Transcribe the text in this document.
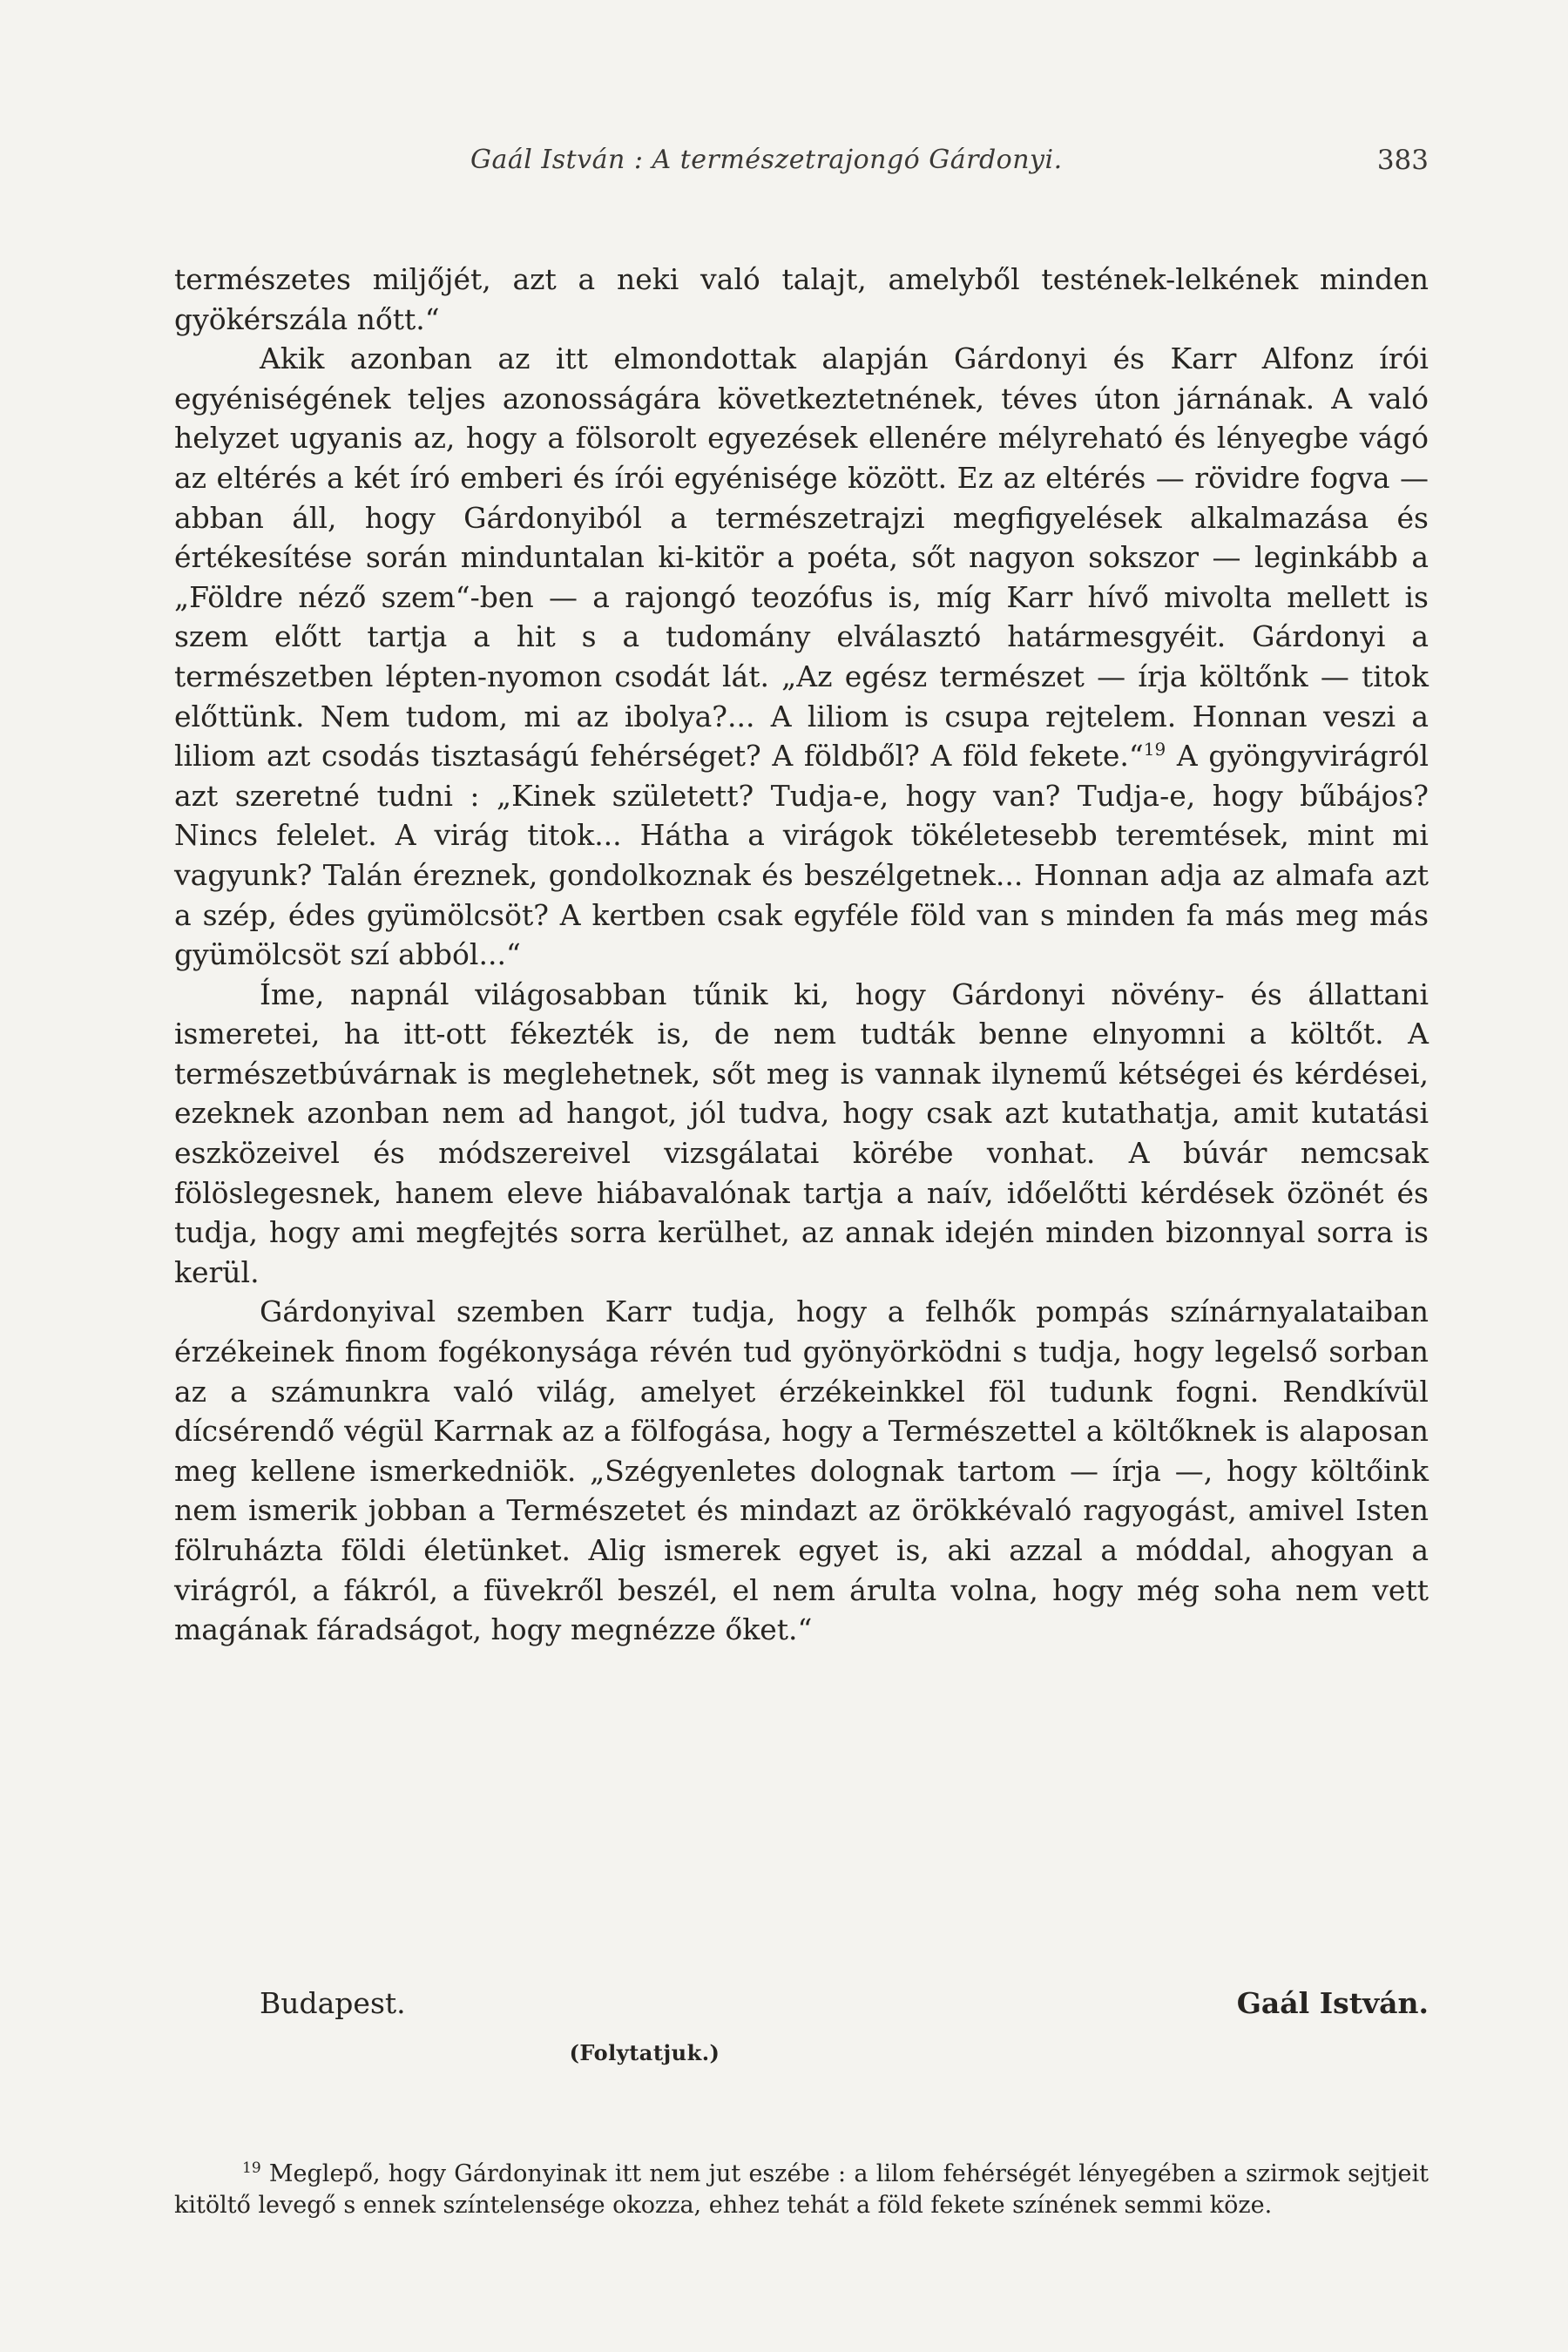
Gaál István : A természetrajongó Gárdonyi.	383

természetes miljőjét, azt a neki való talajt, amelyből testének-lelkének minden gyökérszála nőtt.“

Akik azonban az itt elmondottak alapján Gárdonyi és Karr Alfonz írói egyéniségének teljes azonosságára következtetnének, téves úton járnának. A való helyzet ugyanis az, hogy a fölsorolt egyezések ellenére mélyreható és lényegbe vágó az eltérés a két író emberi és írói egyénisége között. Ez az eltérés — rövidre fogva — abban áll, hogy Gárdonyiból a természetrajzi megfigyelések alkalmazása és értékesítése során minduntalan ki-kitör a poéta, sőt nagyon sokszor — leginkább a „Földre néző szem“-ben — a rajongó teozófus is, míg Karr hívő mivolta mellett is szem előtt tartja a hit s a tudomány elválasztó határmesgyéit. Gárdonyi a természetben lépten-nyomon csodát lát. „Az egész természet — írja költőnk — titok előttünk. Nem tudom, mi az ibolya?... A liliom is csupa rejtelem. Honnan veszi a liliom azt csodás tisztaságú fehérséget? A földből? A föld fekete.“$^{19}$ A gyöngyvirágról azt szeretné tudni : „Kinek született? Tudja-e, hogy van? Tudja-e, hogy bűbájos? Nincs felelet. A virág titok... Hátha a virágok tökéletesebb teremtések, mint mi vagyunk? Talán éreznek, gondolkoznak és beszélgetnek... Honnan adja az almafa azt a szép, édes gyümölcsöt? A kertben csak egyféle föld van s minden fa más meg más gyümölcsöt szí abból...“

Íme, napnál világosabban tűnik ki, hogy Gárdonyi növény- és állattani ismeretei, ha itt-ott fékezték is, de nem tudták benne elnyomni a költőt. A természetbúvárnak is meglehetnek, sőt meg is vannak ilynemű kétségei és kérdései, ezeknek azonban nem ad hangot, jól tudva, hogy csak azt kutathatja, amit kutatási eszközeivel és módszereivel vizsgálatai körébe vonhat. A búvár nemcsak fölöslegesnek, hanem eleve hiábavalónak tartja a naív, időelőtti kérdések özönét és tudja, hogy ami megfejtés sorra kerülhet, az annak idején minden bizonnyal sorra is kerül.

Gárdonyival szemben Karr tudja, hogy a felhők pompás színárnyalataiban érzékeinek finom fogékonysága révén tud gyönyörködni s tudja, hogy legelső sorban az a számunkra való világ, amelyet érzékeinkkel föl tudunk fogni. Rendkívül dícsérendő végül Karrnak az a fölfogása, hogy a Természettel a költőknek is alaposan meg kellene ismerkedniök. „Szégyenletes dolognak tartom — írja —, hogy költőink nem ismerik jobban a Természetet és mindazt az örökkévaló ragyogást, amivel Isten fölruházta földi életünket. Alig ismerek egyet is, aki azzal a móddal, ahogyan a virágról, a fákról, a füvekről beszél, el nem árulta volna, hogy még soha nem vett magának fáradságot, hogy megnézze őket.“

Budapest.	Gaál István.
(Folytatjuk.)
$^{19}$ Meglepő, hogy Gárdonyinak itt nem jut eszébe : a lilom fehérségét lényegében a szirmok sejtjeit kitöltő levegő s ennek színtelensége okozza, ehhez tehát a föld fekete színének semmi köze.
